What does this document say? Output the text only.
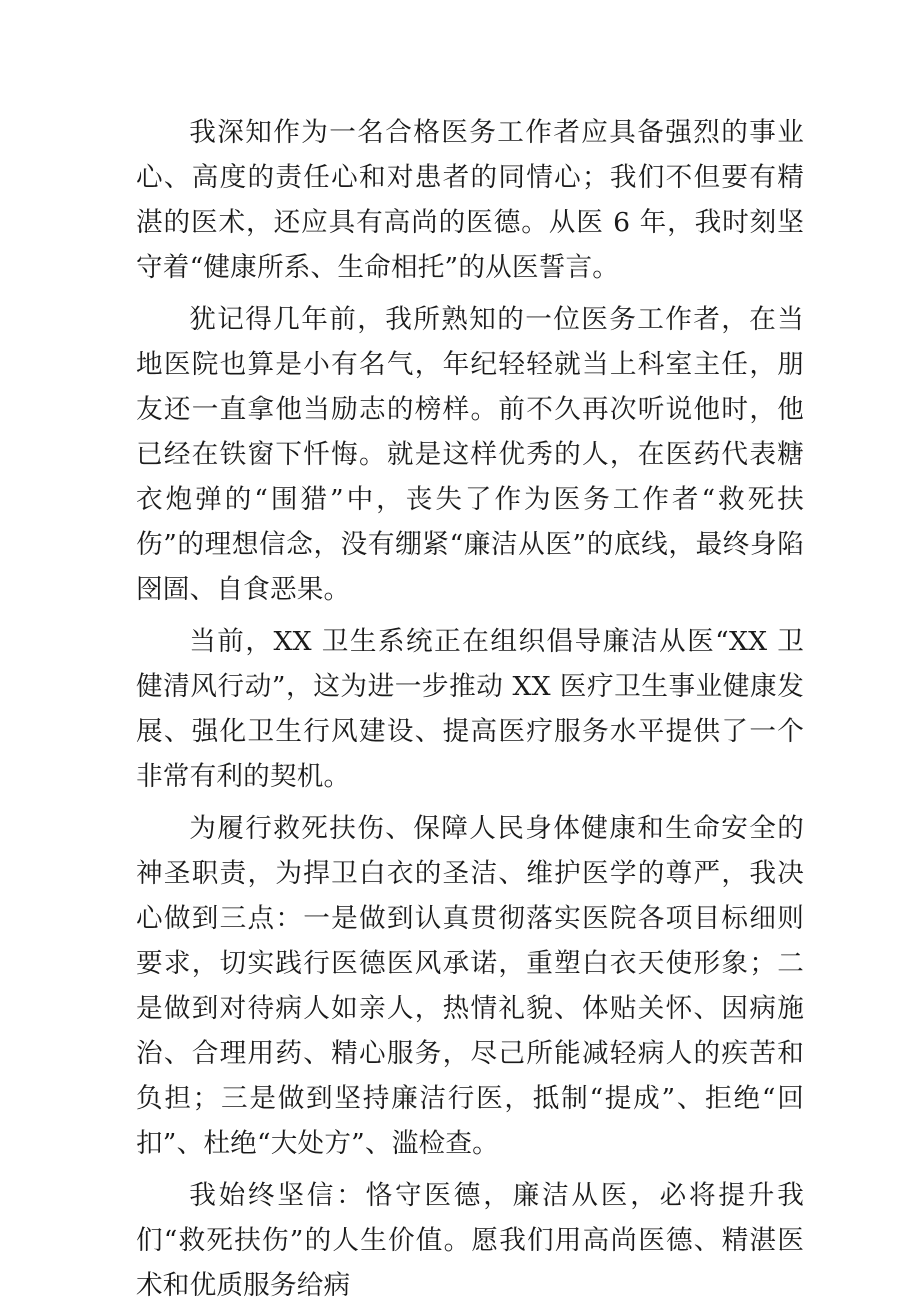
我深知作为一名合格医务工作者应具备强烈的事业心、高度的责任心和对患者的同情心；我们不但要有精湛的医术，还应具有高尚的医德。从医 6 年，我时刻坚守着“健康所系、生命相托”的从医誓言。

犹记得几年前，我所熟知的一位医务工作者，在当地医院也算是小有名气，年纪轻轻就当上科室主任，朋友还一直拿他当励志的榜样。前不久再次听说他时，他已经在铁窗下忏悔。就是这样优秀的人，在医药代表糖衣炮弹的“围猎”中，丧失了作为医务工作者“救死扶伤”的理想信念，没有绷紧“廉洁从医”的底线，最终身陷囹圄、自食恶果。

当前，XX 卫生系统正在组织倡导廉洁从医“XX 卫健清风行动”，这为进一步推动 XX 医疗卫生事业健康发展、强化卫生行风建设、提高医疗服务水平提供了一个非常有利的契机。

为履行救死扶伤、保障人民身体健康和生命安全的神圣职责，为捍卫白衣的圣洁、维护医学的尊严，我决心做到三点：一是做到认真贯彻落实医院各项目标细则要求，切实践行医德医风承诺，重塑白衣天使形象；二是做到对待病人如亲人，热情礼貌、体贴关怀、因病施治、合理用药、精心服务，尽己所能减轻病人的疾苦和负担；三是做到坚持廉洁行医，抵制“提成”、拒绝“回扣”、杜绝“大处方”、滥检查。

我始终坚信：恪守医德，廉洁从医，必将提升我们“救死扶伤”的人生价值。愿我们用高尚医德、精湛医术和优质服务给病
